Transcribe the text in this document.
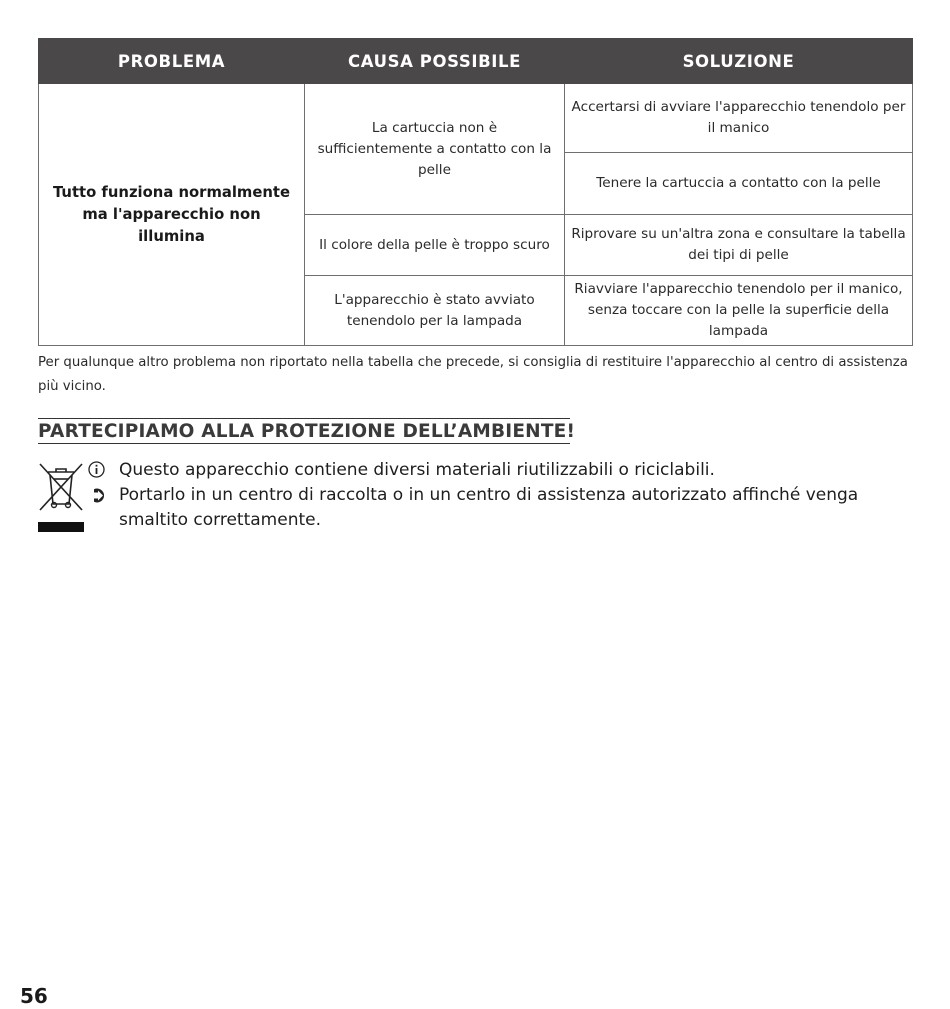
PROBLEMA	CAUSA POSSIBILE	SOLUZIONE
Tutto funziona normalmente ma l'apparecchio non illumina	La cartuccia non è sufficientemente a contatto con la pelle	Accertarsi di avviare l'apparecchio tenendolo per il manico
		Tenere la cartuccia a contatto con la pelle
	Il colore della pelle è troppo scuro	Riprovare su un'altra zona e consultare la tabella dei tipi di pelle
	L'apparecchio è stato avviato tenendolo per la lampada	Riavviare l'apparecchio tenendolo per il manico, senza toccare con la pelle la superficie della lampada

Per qualunque altro problema non riportato nella tabella che precede, si consiglia di restituire l'apparecchio al centro di assistenza più vicino.

PARTECIPIAMO ALLA PROTEZIONE DELL’AMBIENTE!
Questo apparecchio contiene diversi materiali riutilizzabili o riciclabili.
Portarlo in un centro di raccolta o in un centro di assistenza autorizzato affinché venga smaltito correttamente.
56
